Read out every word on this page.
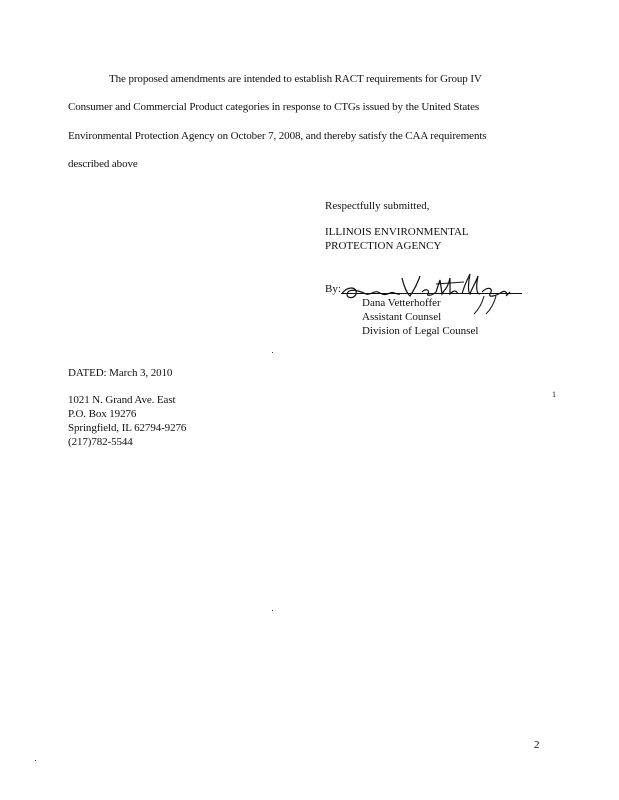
The proposed amendments are intended to establish RACT requirements for Group IV
Consumer and Commercial Product categories in response to CTGs issued by the United States
Environmental Protection Agency on October 7, 2008, and thereby satisfy the CAA requirements
described above
Respectfully submitted,
ILLINOIS ENVIRONMENTAL
PROTECTION AGENCY
By:
Dana Vetterhoffer
Assistant Counsel
Division of Legal Counsel
DATED: March 3, 2010
1021 N. Grand Ave. East
P.O. Box 19276
Springfield, IL 62794-9276
(217)782-5544
1
2
